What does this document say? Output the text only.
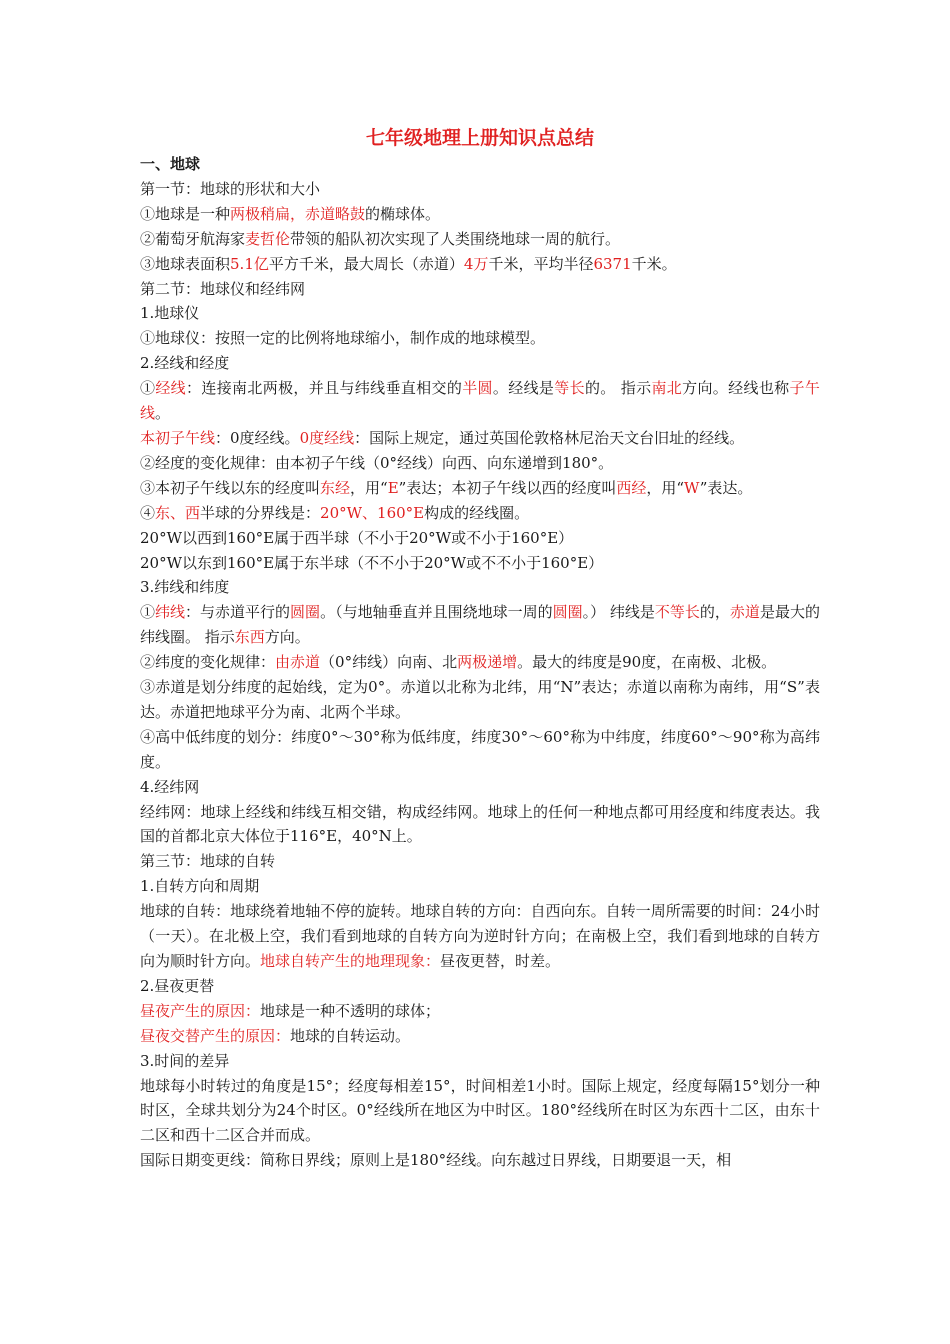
七年级地理上册知识点总结
一、地球
第一节：地球的形状和大小
①地球是一种两极稍扁，赤道略鼓的椭球体。
②葡萄牙航海家麦哲伦带领的船队初次实现了人类围绕地球一周的航行。
③地球表面积5.1亿平方千米，最大周长（赤道）4万千米，平均半径6371千米。
第二节：地球仪和经纬网
1.地球仪
①地球仪：按照一定的比例将地球缩小，制作成的地球模型。
2.经线和经度
①经线：连接南北两极，并且与纬线垂直相交的半圆。经线是等长的。 指示南北方向。经线也称子午线。
本初子午线：0度经线。0度经线：国际上规定，通过英国伦敦格林尼治天文台旧址的经线。
②经度的变化规律：由本初子午线（0°经线）向西、向东递增到180°。
③本初子午线以东的经度叫东经，用“E”表达；本初子午线以西的经度叫西经，用“W”表达。
④东、西半球的分界线是：20°W、160°E构成的经线圈。
20°W以西到160°E属于西半球（不小于20°W或不小于160°E）
20°W以东到160°E属于东半球（不不小于20°W或不不小于160°E）
3.纬线和纬度
①纬线：与赤道平行的圆圈。（与地轴垂直并且围绕地球一周的圆圈。） 纬线是不等长的，赤道是最大的纬线圈。 指示东西方向。
②纬度的变化规律：由赤道（0°纬线）向南、北两极递增。最大的纬度是90度，在南极、北极。
③赤道是划分纬度的起始线，定为0°。赤道以北称为北纬，用“N”表达；赤道以南称为南纬，用“S”表达。赤道把地球平分为南、北两个半球。
④高中低纬度的划分：纬度0°～30°称为低纬度，纬度30°～60°称为中纬度，纬度60°～90°称为高纬度。
4.经纬网
经纬网：地球上经线和纬线互相交错，构成经纬网。地球上的任何一种地点都可用经度和纬度表达。我国的首都北京大体位于116°E，40°N上。
第三节：地球的自转
1.自转方向和周期
地球的自转：地球绕着地轴不停的旋转。地球自转的方向：自西向东。自转一周所需要的时间：24小时（一天）。在北极上空，我们看到地球的自转方向为逆时针方向；在南极上空，我们看到地球的自转方向为顺时针方向。地球自转产生的地理现象：昼夜更替，时差。
2.昼夜更替
昼夜产生的原因：地球是一种不透明的球体；
昼夜交替产生的原因：地球的自转运动。
3.时间的差异
地球每小时转过的角度是15°；经度每相差15°，时间相差1小时。国际上规定，经度每隔15°划分一种时区，全球共划分为24个时区。0°经线所在地区为中时区。180°经线所在时区为东西十二区，由东十二区和西十二区合并而成。
国际日期变更线：简称日界线；原则上是180°经线。向东越过日界线，日期要退一天，相
